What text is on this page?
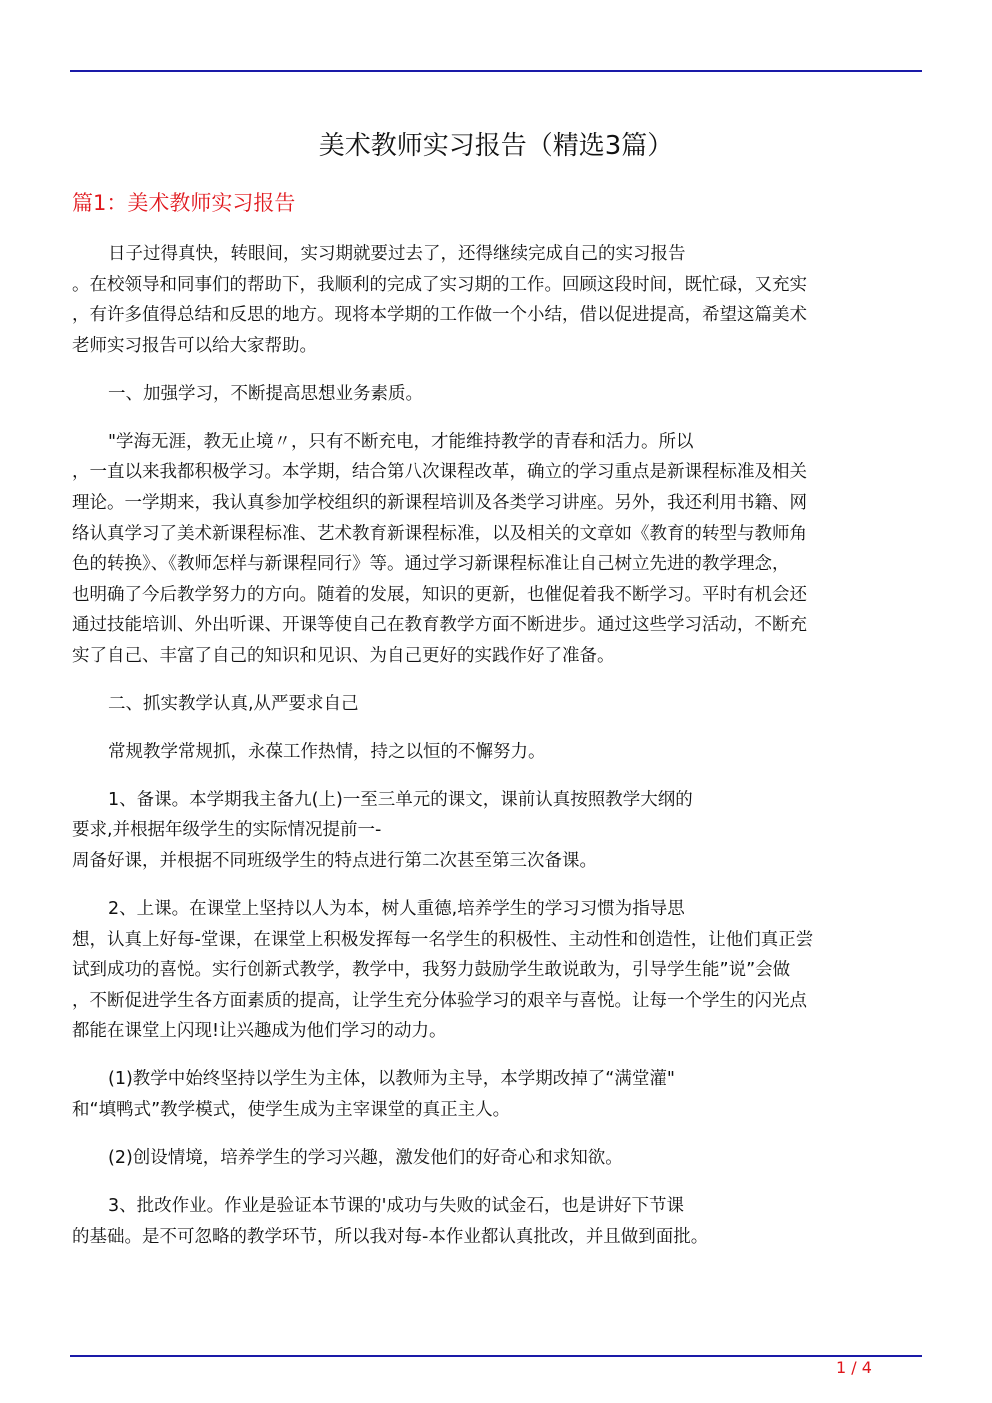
美术教师实习报告（精选3篇）
篇1：美术教师实习报告
日子过得真快，转眼间，实习期就要过去了，还得继续完成自己的实习报告
。在校领导和同事们的帮助下，我顺利的完成了实习期的工作。回顾这段时间，既忙碌，又充实
，有许多值得总结和反思的地方。现将本学期的工作做一个小结，借以促进提高，希望这篇美术
老师实习报告可以给大家帮助。
一、加强学习，不断提高思想业务素质。
"学海无涯，教无止境〃，只有不断充电，才能维持教学的青春和活力。所以
，一直以来我都积极学习。本学期，结合第八次课程改革，确立的学习重点是新课程标准及相关
理论。一学期来，我认真参加学校组织的新课程培训及各类学习讲座。另外，我还利用书籍、网
络认真学习了美术新课程标准、艺术教育新课程标准，以及相关的文章如《教育的转型与教师角
色的转换》、《教师怎样与新课程同行》等。通过学习新课程标准让自己树立先进的教学理念，
也明确了今后教学努力的方向。随着的发展，知识的更新，也催促着我不断学习。平时有机会还
通过技能培训、外出听课、开课等使自己在教育教学方面不断进步。通过这些学习活动，不断充
实了自己、丰富了自己的知识和见识、为自己更好的实践作好了准备。
二、抓实教学认真,从严要求自己
常规教学常规抓，永葆工作热情，持之以恒的不懈努力。
1、备课。本学期我主备九(上)一至三单元的课文，课前认真按照教学大纲的
要求,并根据年级学生的实际情况提前一-
周备好课，并根据不同班级学生的特点进行第二次甚至第三次备课。
2、上课。在课堂上坚持以人为本，树人重德,培养学生的学习习惯为指导思
想，认真上好每-堂课，在课堂上积极发挥每一名学生的积极性、主动性和创造性，让他们真正尝
试到成功的喜悦。实行创新式教学，教学中，我努力鼓励学生敢说敢为，引导学生能”说”会做
，不断促进学生各方面素质的提高，让学生充分体验学习的艰辛与喜悦。让每一个学生的闪光点
都能在课堂上闪现!让兴趣成为他们学习的动力。
(1)教学中始终坚持以学生为主体，以教师为主导，本学期改掉了“满堂灌"
和“填鸭式”教学模式，使学生成为主宰课堂的真正主人。
(2)创设情境，培养学生的学习兴趣，激发他们的好奇心和求知欲。
3、批改作业。作业是验证本节课的'成功与失败的试金石，也是讲好下节课
的基础。是不可忽略的教学环节，所以我对每-本作业都认真批改，并且做到面批。
1 / 4
